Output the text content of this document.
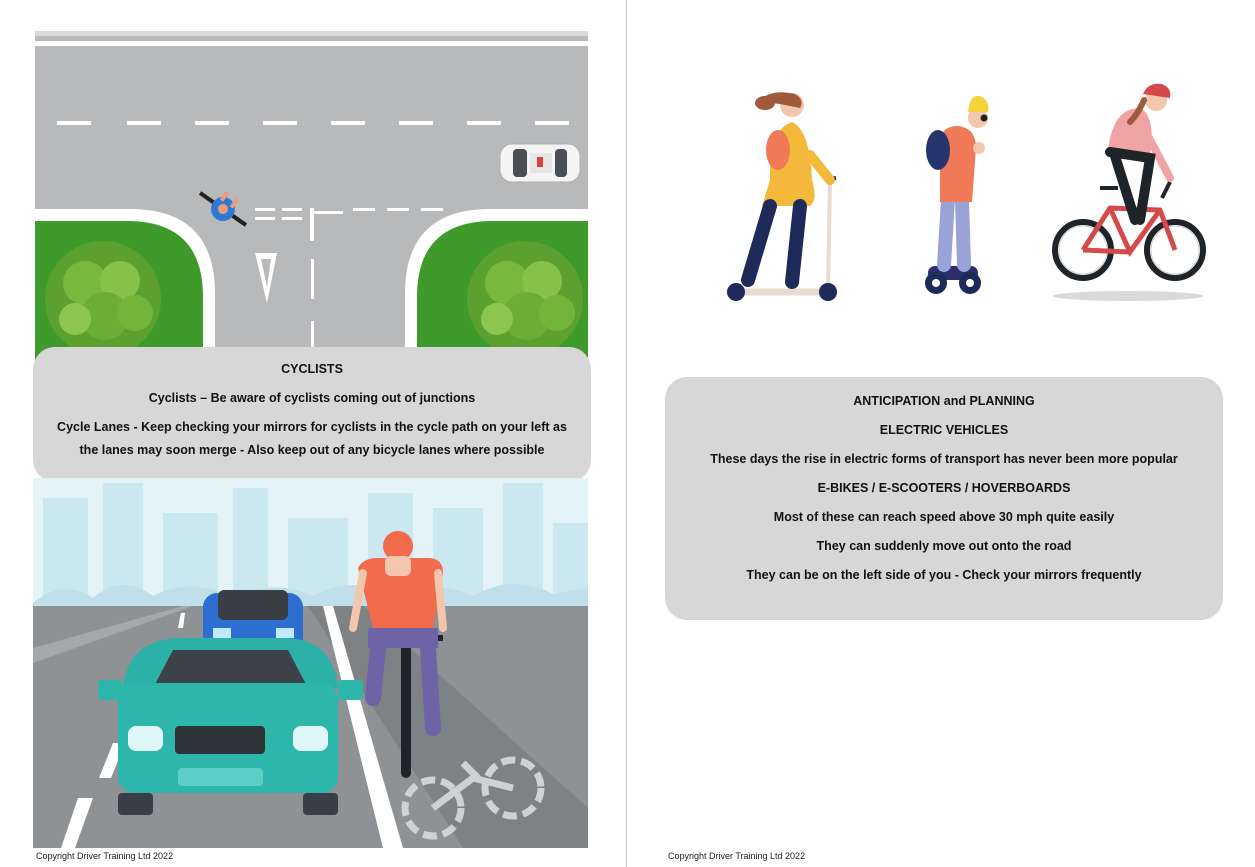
CYCLISTS

Cyclists – Be aware of cyclists coming out of junctions

Cycle Lanes - Keep checking your mirrors for cyclists in the cycle path on your left as

the lanes may soon merge - Also keep out of any bicycle lanes where possible

Copyright Driver Training Ltd 2022	Copyright Driver Training Ltd 2022

ANTICIPATION and PLANNING

ELECTRIC VEHICLES

These days the rise in electric forms of transport has never been more popular

E-BIKES / E-SCOOTERS / HOVERBOARDS

Most of these can reach speed above 30 mph quite easily

They can suddenly move out onto the road

They can be on the left side of you - Check your mirrors frequently
